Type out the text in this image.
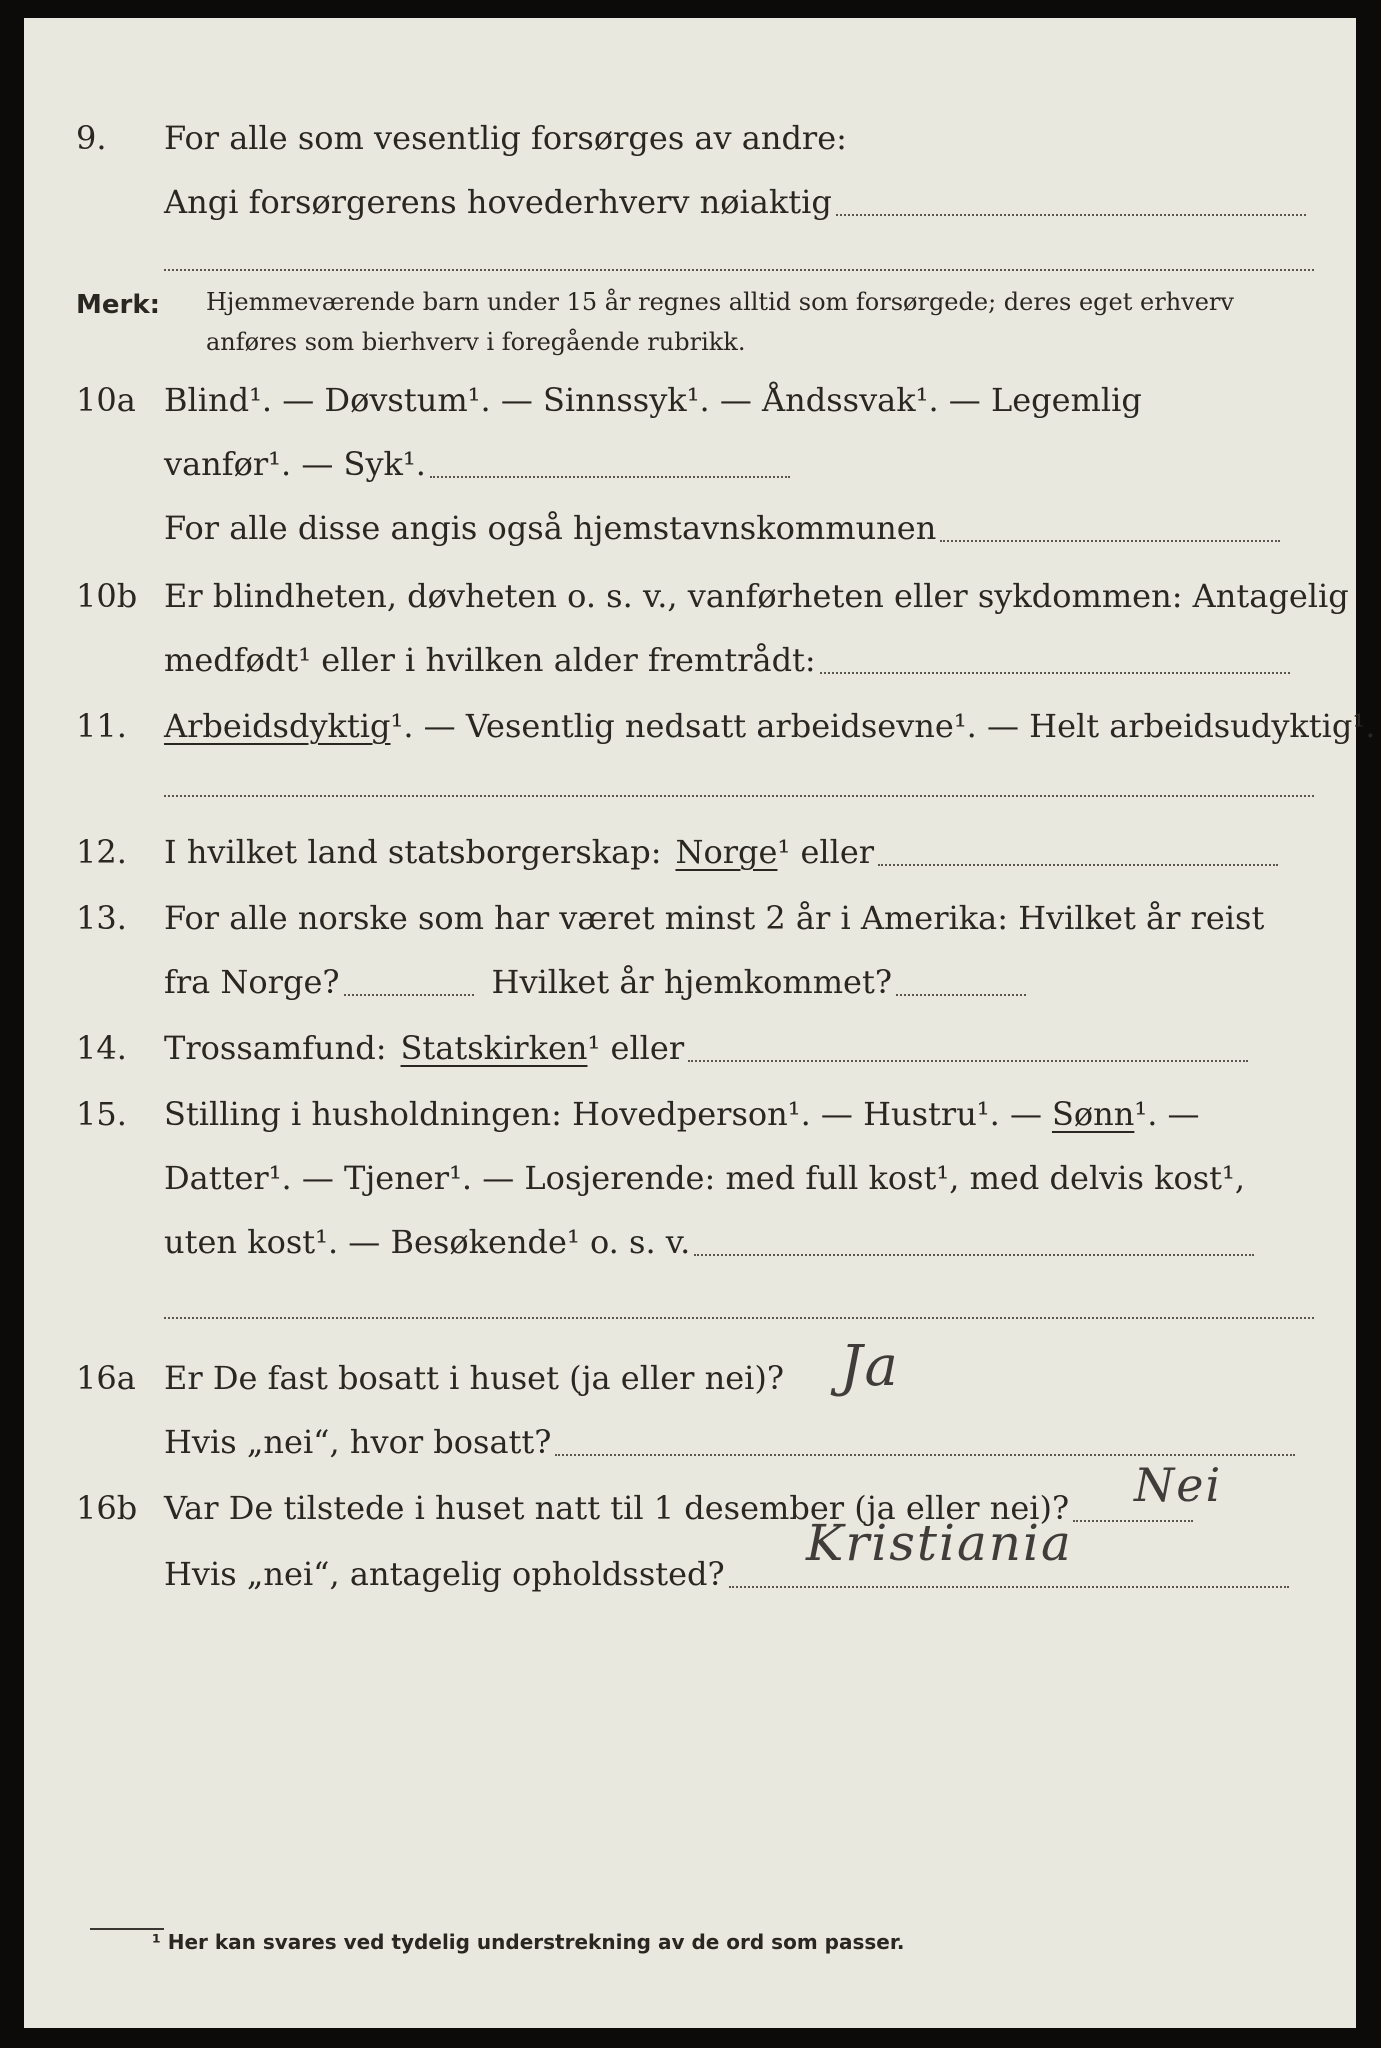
9. For alle som vesentlig forsørges av andre:
Angi forsørgerens hovederhverv nøiaktig
Merk: Hjemmeværende barn under 15 år regnes alltid som forsørgede; deres eget erhverv
anføres som bierhverv i foregående rubrikk.
10a Blind¹. — Døvstum¹. — Sinnssyk¹. — Åndssvak¹. — Legemlig
vanfør¹. — Syk¹.
For alle disse angis også hjemstavnskommunen
10b Er blindheten, døvheten o. s. v., vanførheten eller sykdommen: Antagelig
medfødt¹ eller i hvilken alder fremtrådt:
11. Arbeidsdyktig ¹. — Vesentlig nedsatt arbeidsevne¹. — Helt arbeidsudyktig¹.
12. I hvilket land statsborgerskap: Norge ¹ eller
13. For alle norske som har været minst 2 år i Amerika: Hvilket år reist
fra Norge?	Hvilket år hjemkommet?
14. Trossamfund: Statskirken ¹ eller
15. Stilling i husholdningen: Hovedperson¹. — Hustru¹. — Sønn ¹. —
Datter¹. — Tjener¹. — Losjerende: med full kost¹, med delvis kost¹,
uten kost¹. — Besøkende¹ o. s. v.
16a Er De fast bosatt i huset (ja eller nei)? Ja
Hvis „nei“, hvor bosatt?
16b Var De tilstede i huset natt til 1 desember (ja eller nei)? Nei
Hvis „nei“, antagelig opholdssted?
Kristiania
¹ Her kan svares ved tydelig understrekning av de ord som passer.
